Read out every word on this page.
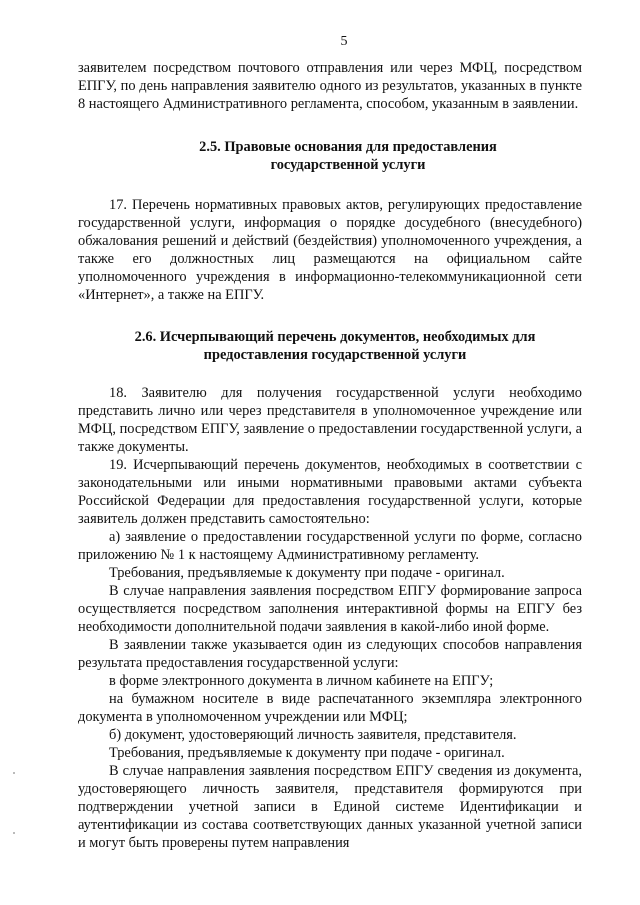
5

заявителем посредством почтового отправления или через МФЦ, посредством ЕПГУ, по день направления заявителю одного из результатов, указанных в пункте 8 настоящего Административного регламента, способом, указанным в заявлении.

2.5. Правовые основания для предоставления
государственной услуги

17. Перечень нормативных правовых актов, регулирующих предоставление государственной услуги, информация о порядке досудебного (внесудебного) обжалования решений и действий (бездействия) уполномоченного учреждения, а также его должностных лиц размещаются на официальном сайте уполномоченного учреждения в информационно-телекоммуникационной сети «Интернет», а также на ЕПГУ.

2.6. Исчерпывающий перечень документов, необходимых для
предоставления государственной услуги

18. Заявителю для получения государственной услуги необходимо представить лично или через представителя в уполномоченное учреждение или МФЦ, посредством ЕПГУ, заявление о предоставлении государственной услуги, а также документы.

19. Исчерпывающий перечень документов, необходимых в соответствии с законодательными или иными нормативными правовыми актами субъекта Российской Федерации для предоставления государственной услуги, которые заявитель должен представить самостоятельно:

а) заявление о предоставлении государственной услуги по форме, согласно приложению № 1 к настоящему Административному регламенту.

Требования, предъявляемые к документу при подаче - оригинал.

В случае направления заявления посредством ЕПГУ формирование запроса осуществляется посредством заполнения интерактивной формы на ЕПГУ без необходимости дополнительной подачи заявления в какой-либо иной форме.

В заявлении также указывается один из следующих способов направления результата предоставления государственной услуги:

в форме электронного документа в личном кабинете на ЕПГУ;

на бумажном носителе в виде распечатанного экземпляра электронного документа в уполномоченном учреждении или МФЦ;

б) документ, удостоверяющий личность заявителя, представителя.

Требования, предъявляемые к документу при подаче - оригинал.

В случае направления заявления посредством ЕПГУ сведения из документа, удостоверяющего личность заявителя, представителя формируются при подтверждении учетной записи в Единой системе Идентификации и аутентификации из состава соответствующих данных указанной учетной записи и могут быть проверены путем направления
